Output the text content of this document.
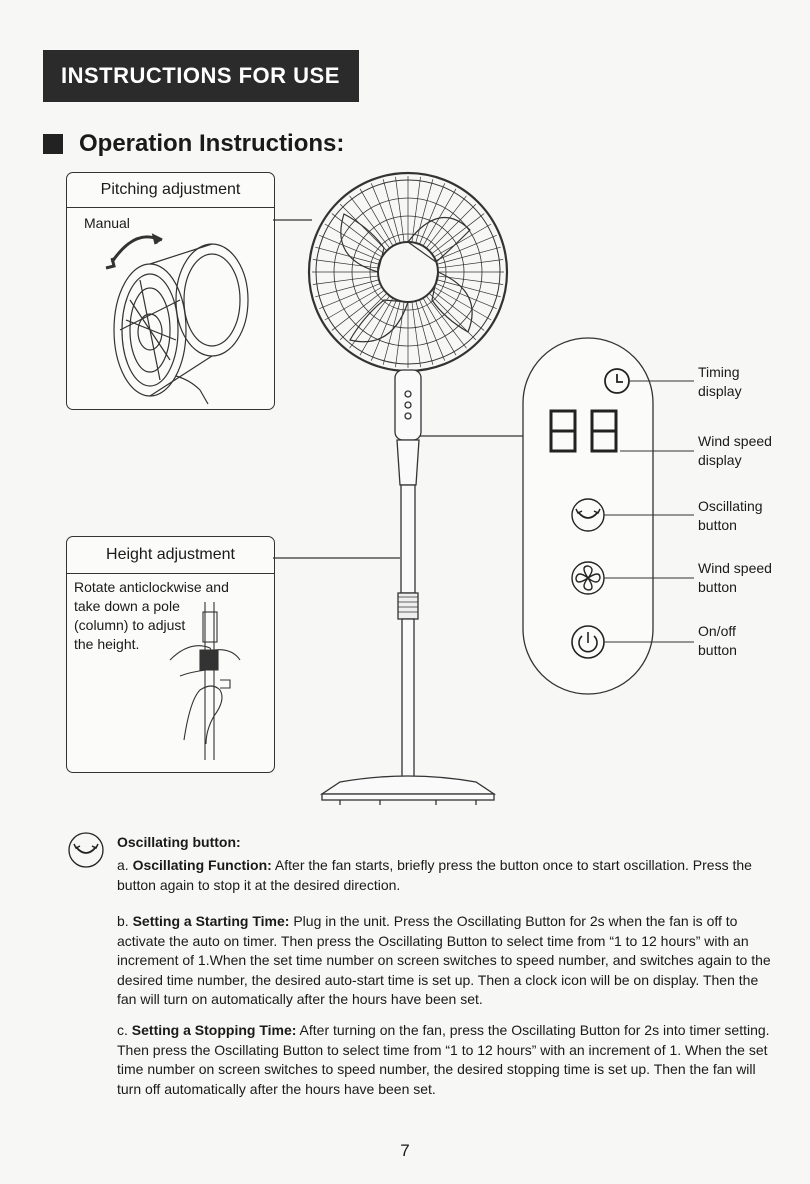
INSTRUCTIONS FOR USE
Operation Instructions:
Pitching adjustment
Manual
Height adjustment
Rotate anticlockwise and
take down a pole
(column) to adjust
the height.
Timing
display
Wind speed
display
Oscillating
button
Wind speed
button
On/off
button
Oscillating button:
a. Oscillating Function: After the fan starts, briefly press the button once to start oscillation. Press the button again to stop it at the desired direction.
b. Setting a Starting Time: Plug in the unit. Press the Oscillating Button for 2s when the fan is off to activate the auto on timer. Then press the Oscillating Button to select time from “1 to 12 hours” with an increment of 1.When the set time number on screen switches to speed number, and switches again to the desired time number, the desired auto-start time is set up. Then a clock icon will be on display. Then the fan will turn on automatically after the hours have been set.
c. Setting a Stopping Time: After turning on the fan, press the Oscillating Button for 2s into timer setting. Then press the Oscillating Button to select time from “1 to 12 hours” with an increment of 1. When the set time number on screen switches to speed number, the desired stopping time is set up. Then the fan will turn off automatically after the hours have been set.
7
